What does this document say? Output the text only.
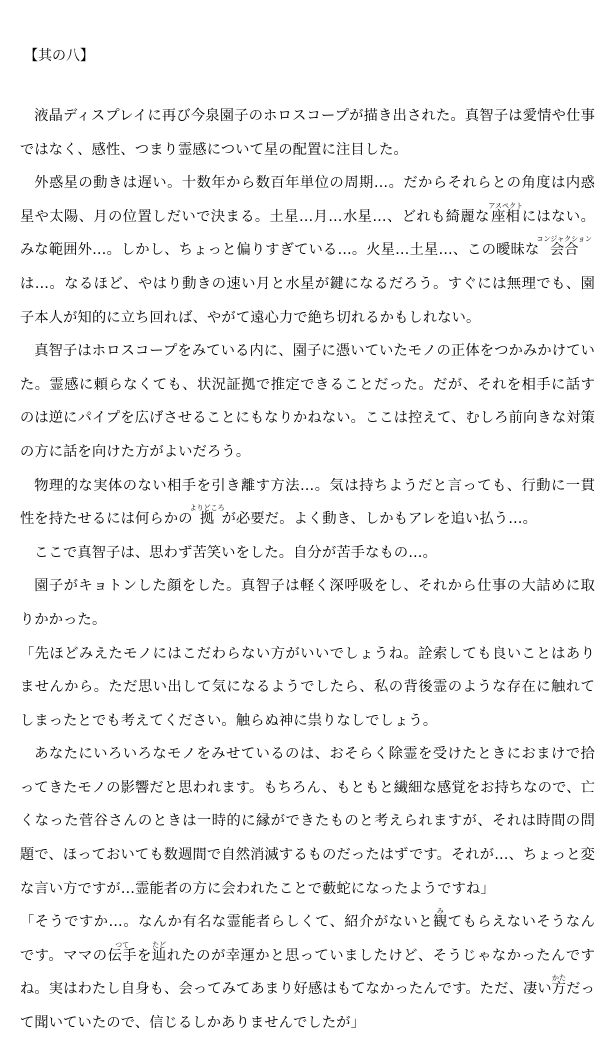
【其の八】

液晶ディスプレイに再び今泉園子のホロスコープが描き出された。真智子は愛情や仕事ではなく、感性、つまり霊感について星の配置に注目した。

外惑星の動きは遅い。十数年から数百年単位の周期…。だからそれらとの角度は内惑星や太陽、月の位置しだいで決まる。土星…月…水星…、どれも綺麗な座相アスペクトにはない。みな範囲外…。しかし、ちょっと偏りすぎている…。火星…土星…、この曖昧な会合コンジャクションは…。なるほど、やはり動きの速い月と水星が鍵になるだろう。すぐには無理でも、園子本人が知的に立ち回れば、やがて遠心力で絶ち切れるかもしれない。

真智子はホロスコープをみている内に、園子に憑いていたモノの正体をつかみかけていた。霊感に頼らなくても、状況証拠で推定できることだった。だが、それを相手に話すのは逆にパイプを広げさせることにもなりかねない。ここは控えて、むしろ前向きな対策の方に話を向けた方がよいだろう。

物理的な実体のない相手を引き離す方法…。気は持ちようだと言っても、行動に一貫性を持たせるには何らかの拠よりどころが必要だ。よく動き、しかもアレを追い払う…。

ここで真智子は、思わず苦笑いをした。自分が苦手なもの…。

園子がキョトンした顔をした。真智子は軽く深呼吸をし、それから仕事の大詰めに取りかかった。

「先ほどみえたモノにはこだわらない方がいいでしょうね。詮索しても良いことはありませんから。ただ思い出して気になるようでしたら、私の背後霊のような存在に触れてしまったとでも考えてください。触らぬ神に祟りなしでしょう。

あなたにいろいろなモノをみせているのは、おそらく除霊を受けたときにおまけで拾ってきたモノの影響だと思われます。もちろん、もともと繊細な感覚をお持ちなので、亡くなった菅谷さんのときは一時的に縁ができたものと考えられますが、それは時間の問題で、ほっておいても数週間で自然消滅するものだったはずです。それが…、ちょっと変な言い方ですが…霊能者の方に会われたことで藪蛇になったようですね」

「そうですか…。なんか有名な霊能者らしくて、紹介がないと観みてもらえないそうなんです。ママの伝手つてを辿たどれたのが幸運かと思っていましたけど、そうじゃなかったんですね。実はわたし自身も、会ってみてあまり好感はもてなかったんです。ただ、凄い方かただって聞いていたので、信じるしかありませんでしたが」
